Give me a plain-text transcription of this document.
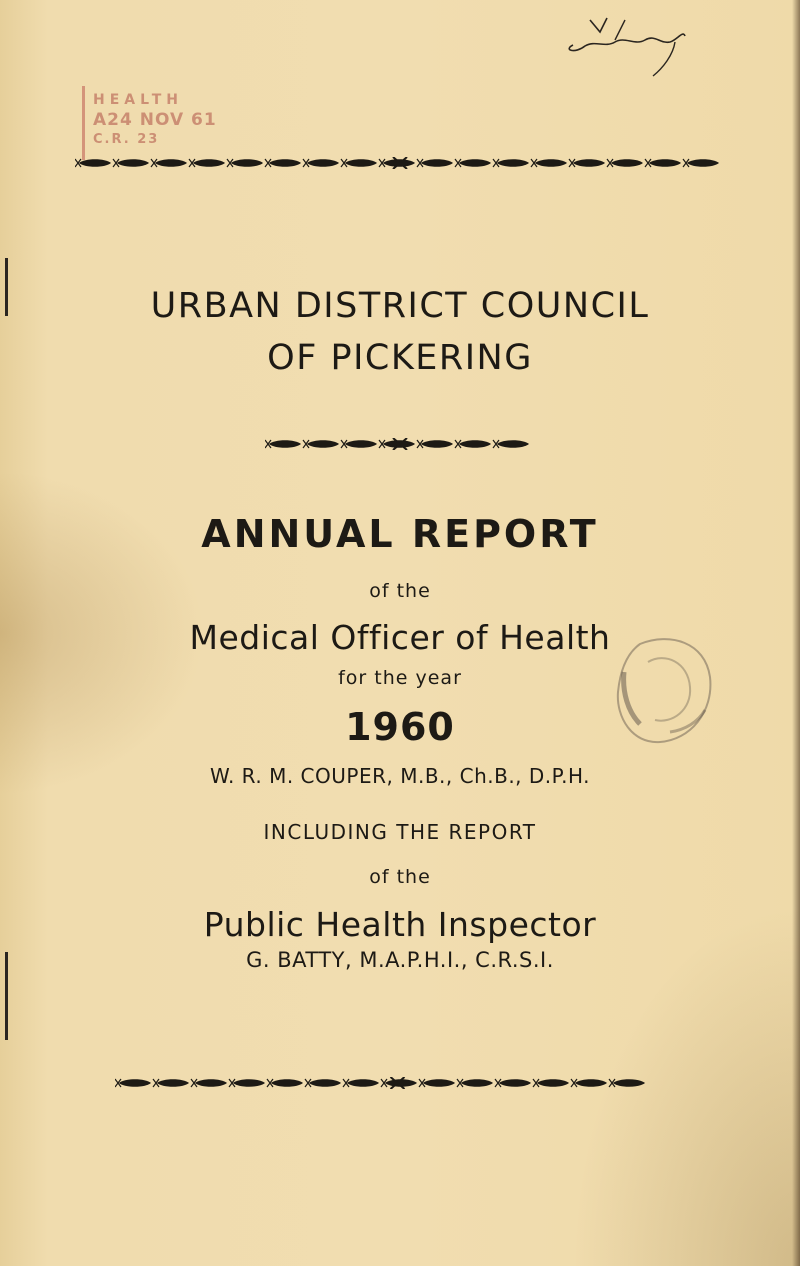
HEALTH
A24 NOV 61
C.R. 23
URBAN DISTRICT COUNCIL
OF PICKERING
ANNUAL REPORT
of the
Medical Officer of Health
for the year
1960
W. R. M. COUPER, M.B., Ch.B., D.P.H.
INCLUDING THE REPORT
of the
Public Health Inspector
G. BATTY, M.A.P.H.I., C.R.S.I.
